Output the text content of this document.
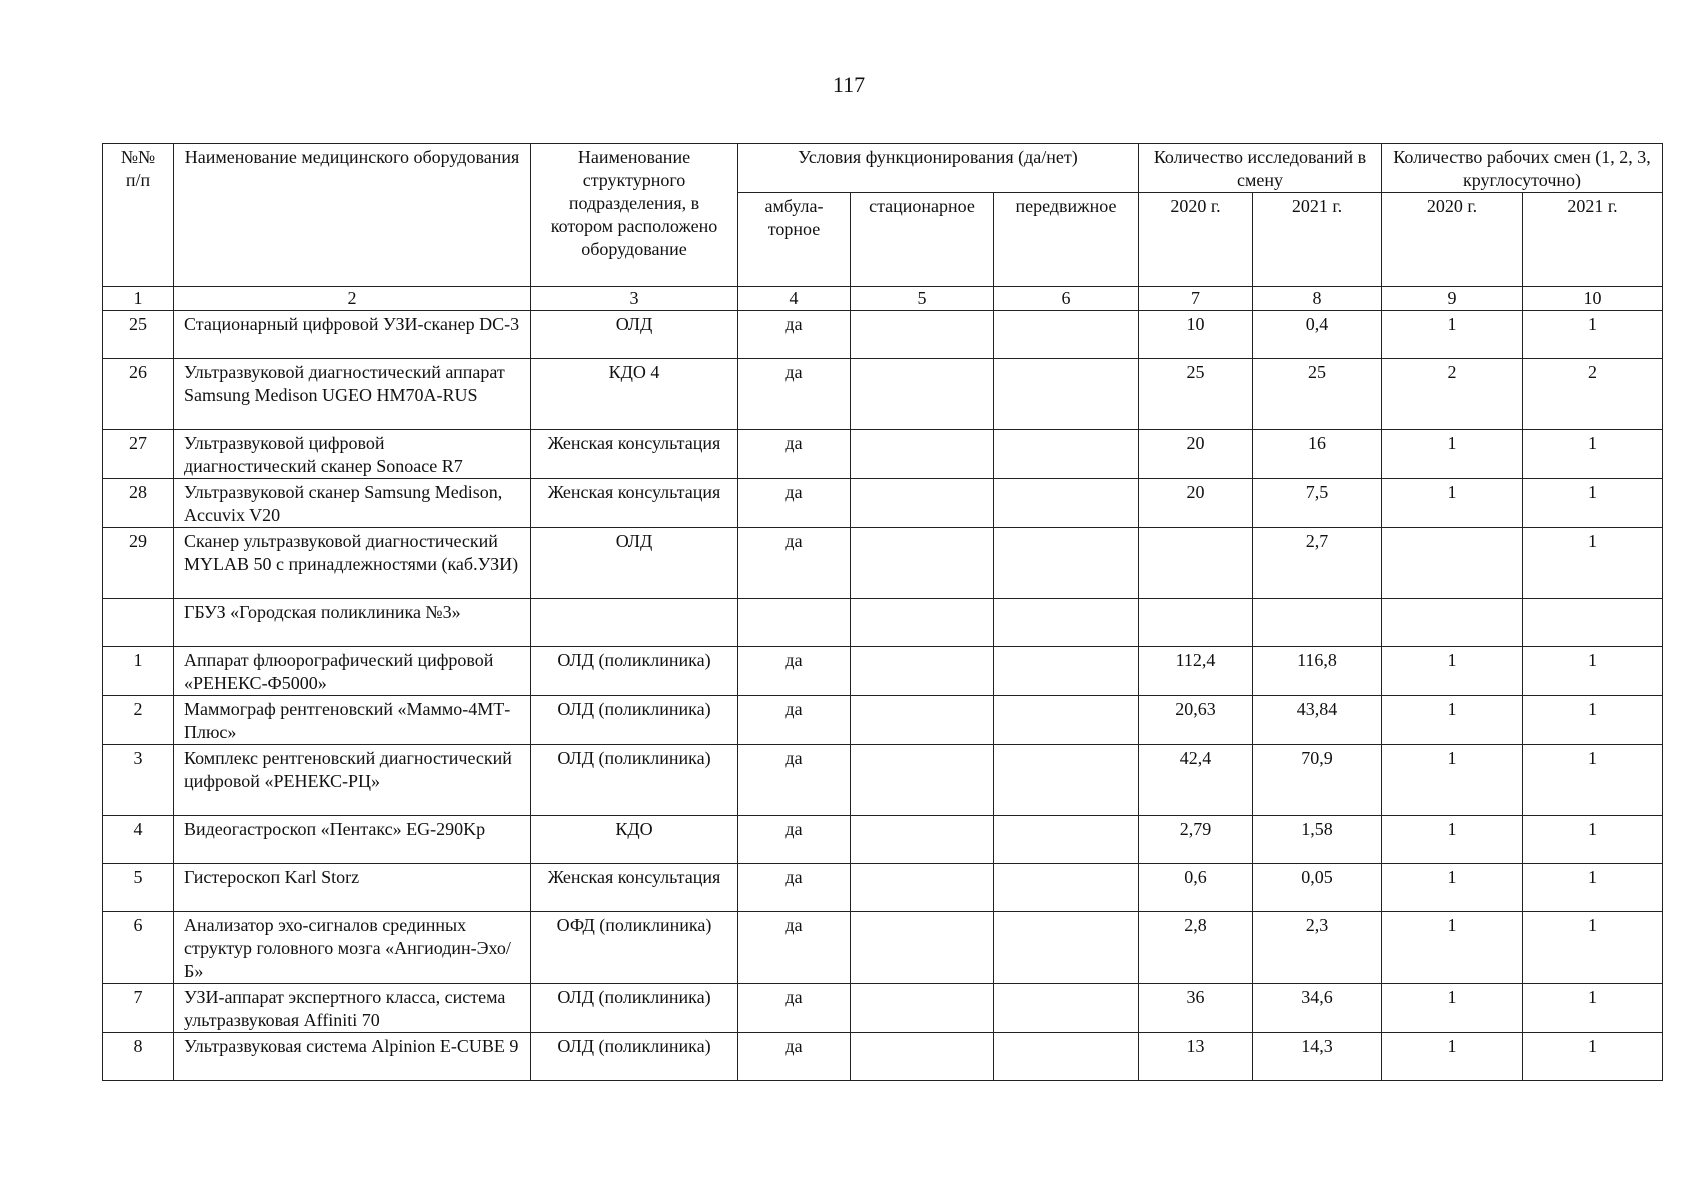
117
№№ п/п	Наименование медицинского оборудования	Наименование структурного подразделения, в котором расположено оборудование	Условия функционирования (да/нет)			Количество исследований в смену		Количество рабочих смен (1, 2, 3, круглосуточно)	
			амбула-торное	стационарное	передвижное	2020 г.	2021 г.	2020 г.	2021 г.
1	2	3	4	5	6	7	8	9	10
25	Стационарный цифровой УЗИ-сканер DC-3	ОЛД	да			10	0,4	1	1
26	Ультразвуковой диагностический аппарат Samsung Medison UGEO HM70A-RUS	КДО 4	да			25	25	2	2
27	Ультразвуковой цифровой диагностический сканер Sonoace R7	Женская консультация	да			20	16	1	1
28	Ультразвуковой сканер Samsung Medison, Accuvix V20	Женская консультация	да			20	7,5	1	1
29	Сканер ультразвуковой диагностический MYLAB 50 с принадлежностями (каб.УЗИ)	ОЛД	да				2,7		1
	ГБУЗ «Городская поликлиника №3»								
1	Аппарат флюорографический цифровой «РЕНЕКС-Ф5000»	ОЛД (поликлиника)	да			112,4	116,8	1	1
2	Маммограф рентгеновский «Маммо-4МТ-Плюс»	ОЛД (поликлиника)	да			20,63	43,84	1	1
3	Комплекс рентгеновский диагностический цифровой «РЕНЕКС-РЦ»	ОЛД (поликлиника)	да			42,4	70,9	1	1
4	Видеогастроскоп «Пентакс» EG-290Kp	КДО	да			2,79	1,58	1	1
5	Гистероскоп Karl Storz	Женская консультация	да			0,6	0,05	1	1
6	Анализатор эхо-сигналов срединных структур головного мозга «Ангиодин-Эхо/Б»	ОФД (поликлиника)	да			2,8	2,3	1	1
7	УЗИ-аппарат экспертного класса, система ультразвуковая Affiniti 70	ОЛД (поликлиника)	да			36	34,6	1	1
8	Ультразвуковая система Alpinion E-CUBE 9	ОЛД (поликлиника)	да			13	14,3	1	1
